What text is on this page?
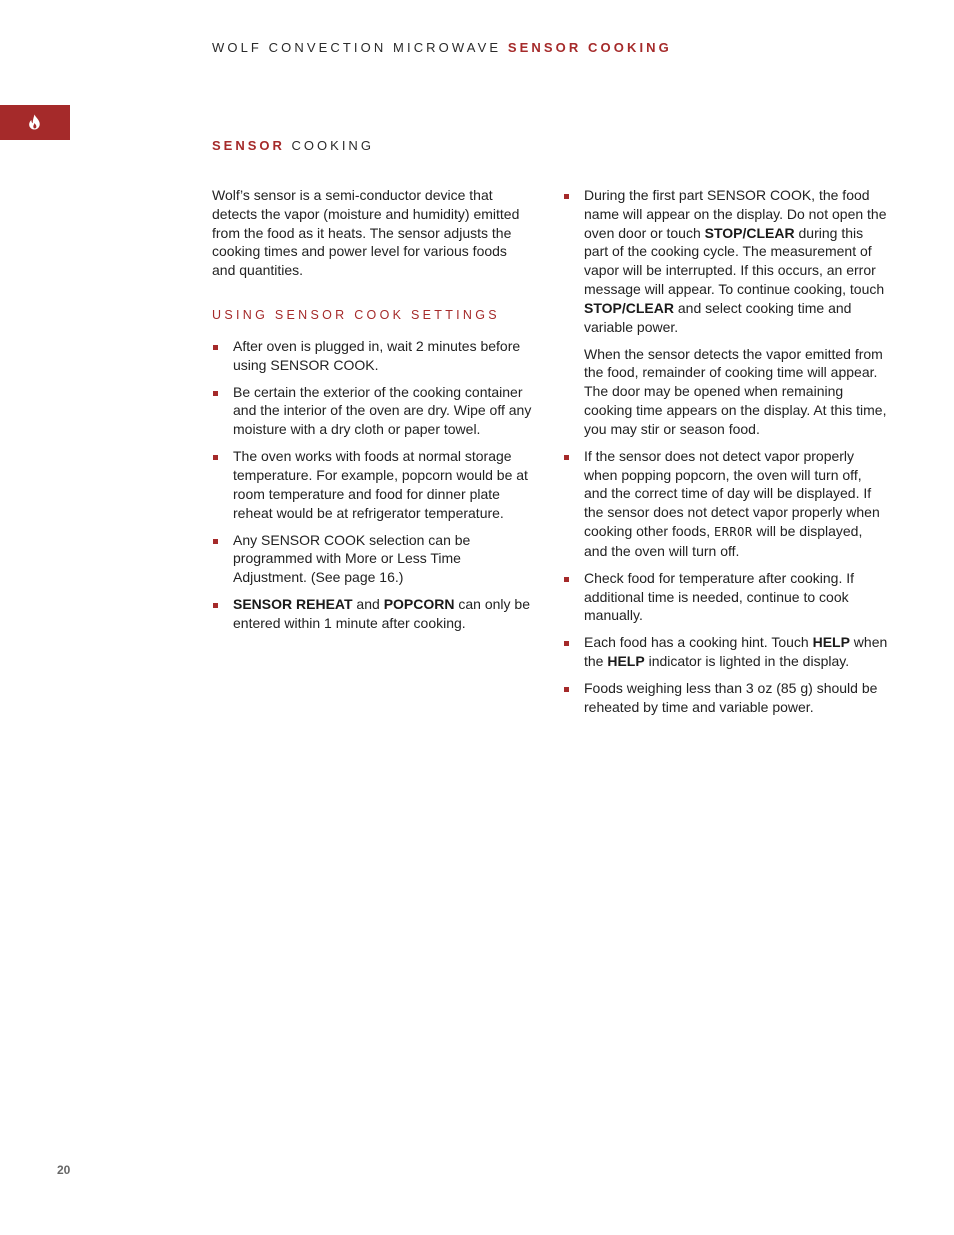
WOLF CONVECTION MICROWAVE SENSOR COOKING
SENSOR COOKING

Wolf’s sensor is a semi-conductor device that detects the vapor (moisture and humidity) emitted from the food as it heats. The sensor adjusts the cooking times and power level for various foods and quantities.

USING SENSOR COOK SETTINGS
After oven is plugged in, wait 2 minutes before using SENSOR COOK.
Be certain the exterior of the cooking container and the interior of the oven are dry. Wipe off any moisture with a dry cloth or paper towel.
The oven works with foods at normal storage temperature. For example, popcorn would be at room temperature and food for dinner plate reheat would be at refrigerator temperature.
Any SENSOR COOK selection can be programmed with More or Less Time Adjustment. (See page 16.)
SENSOR REHEAT and POPCORN can only be entered within 1 minute after cooking.

During the first part SENSOR COOK, the food name will appear on the display. Do not open the oven door or touch STOP/CLEAR during this part of the cooking cycle. The measurement of vapor will be interrupted. If this occurs, an error message will appear. To continue cooking, touch STOP/CLEAR and select cooking time and variable power.

When the sensor detects the vapor emitted from the food, remainder of cooking time will appear. The door may be opened when remaining cooking time appears on the display. At this time, you may stir or season food.

If the sensor does not detect vapor properly when popping popcorn, the oven will turn off, and the correct time of day will be displayed. If the sensor does not detect vapor properly when cooking other foods, ERROR will be displayed, and the oven will turn off.
Check food for temperature after cooking. If additional time is needed, continue to cook manually.
Each food has a cooking hint. Touch HELP when the HELP indicator is lighted in the display.
Foods weighing less than 3 oz (85 g) should be reheated by time and variable power.
20
